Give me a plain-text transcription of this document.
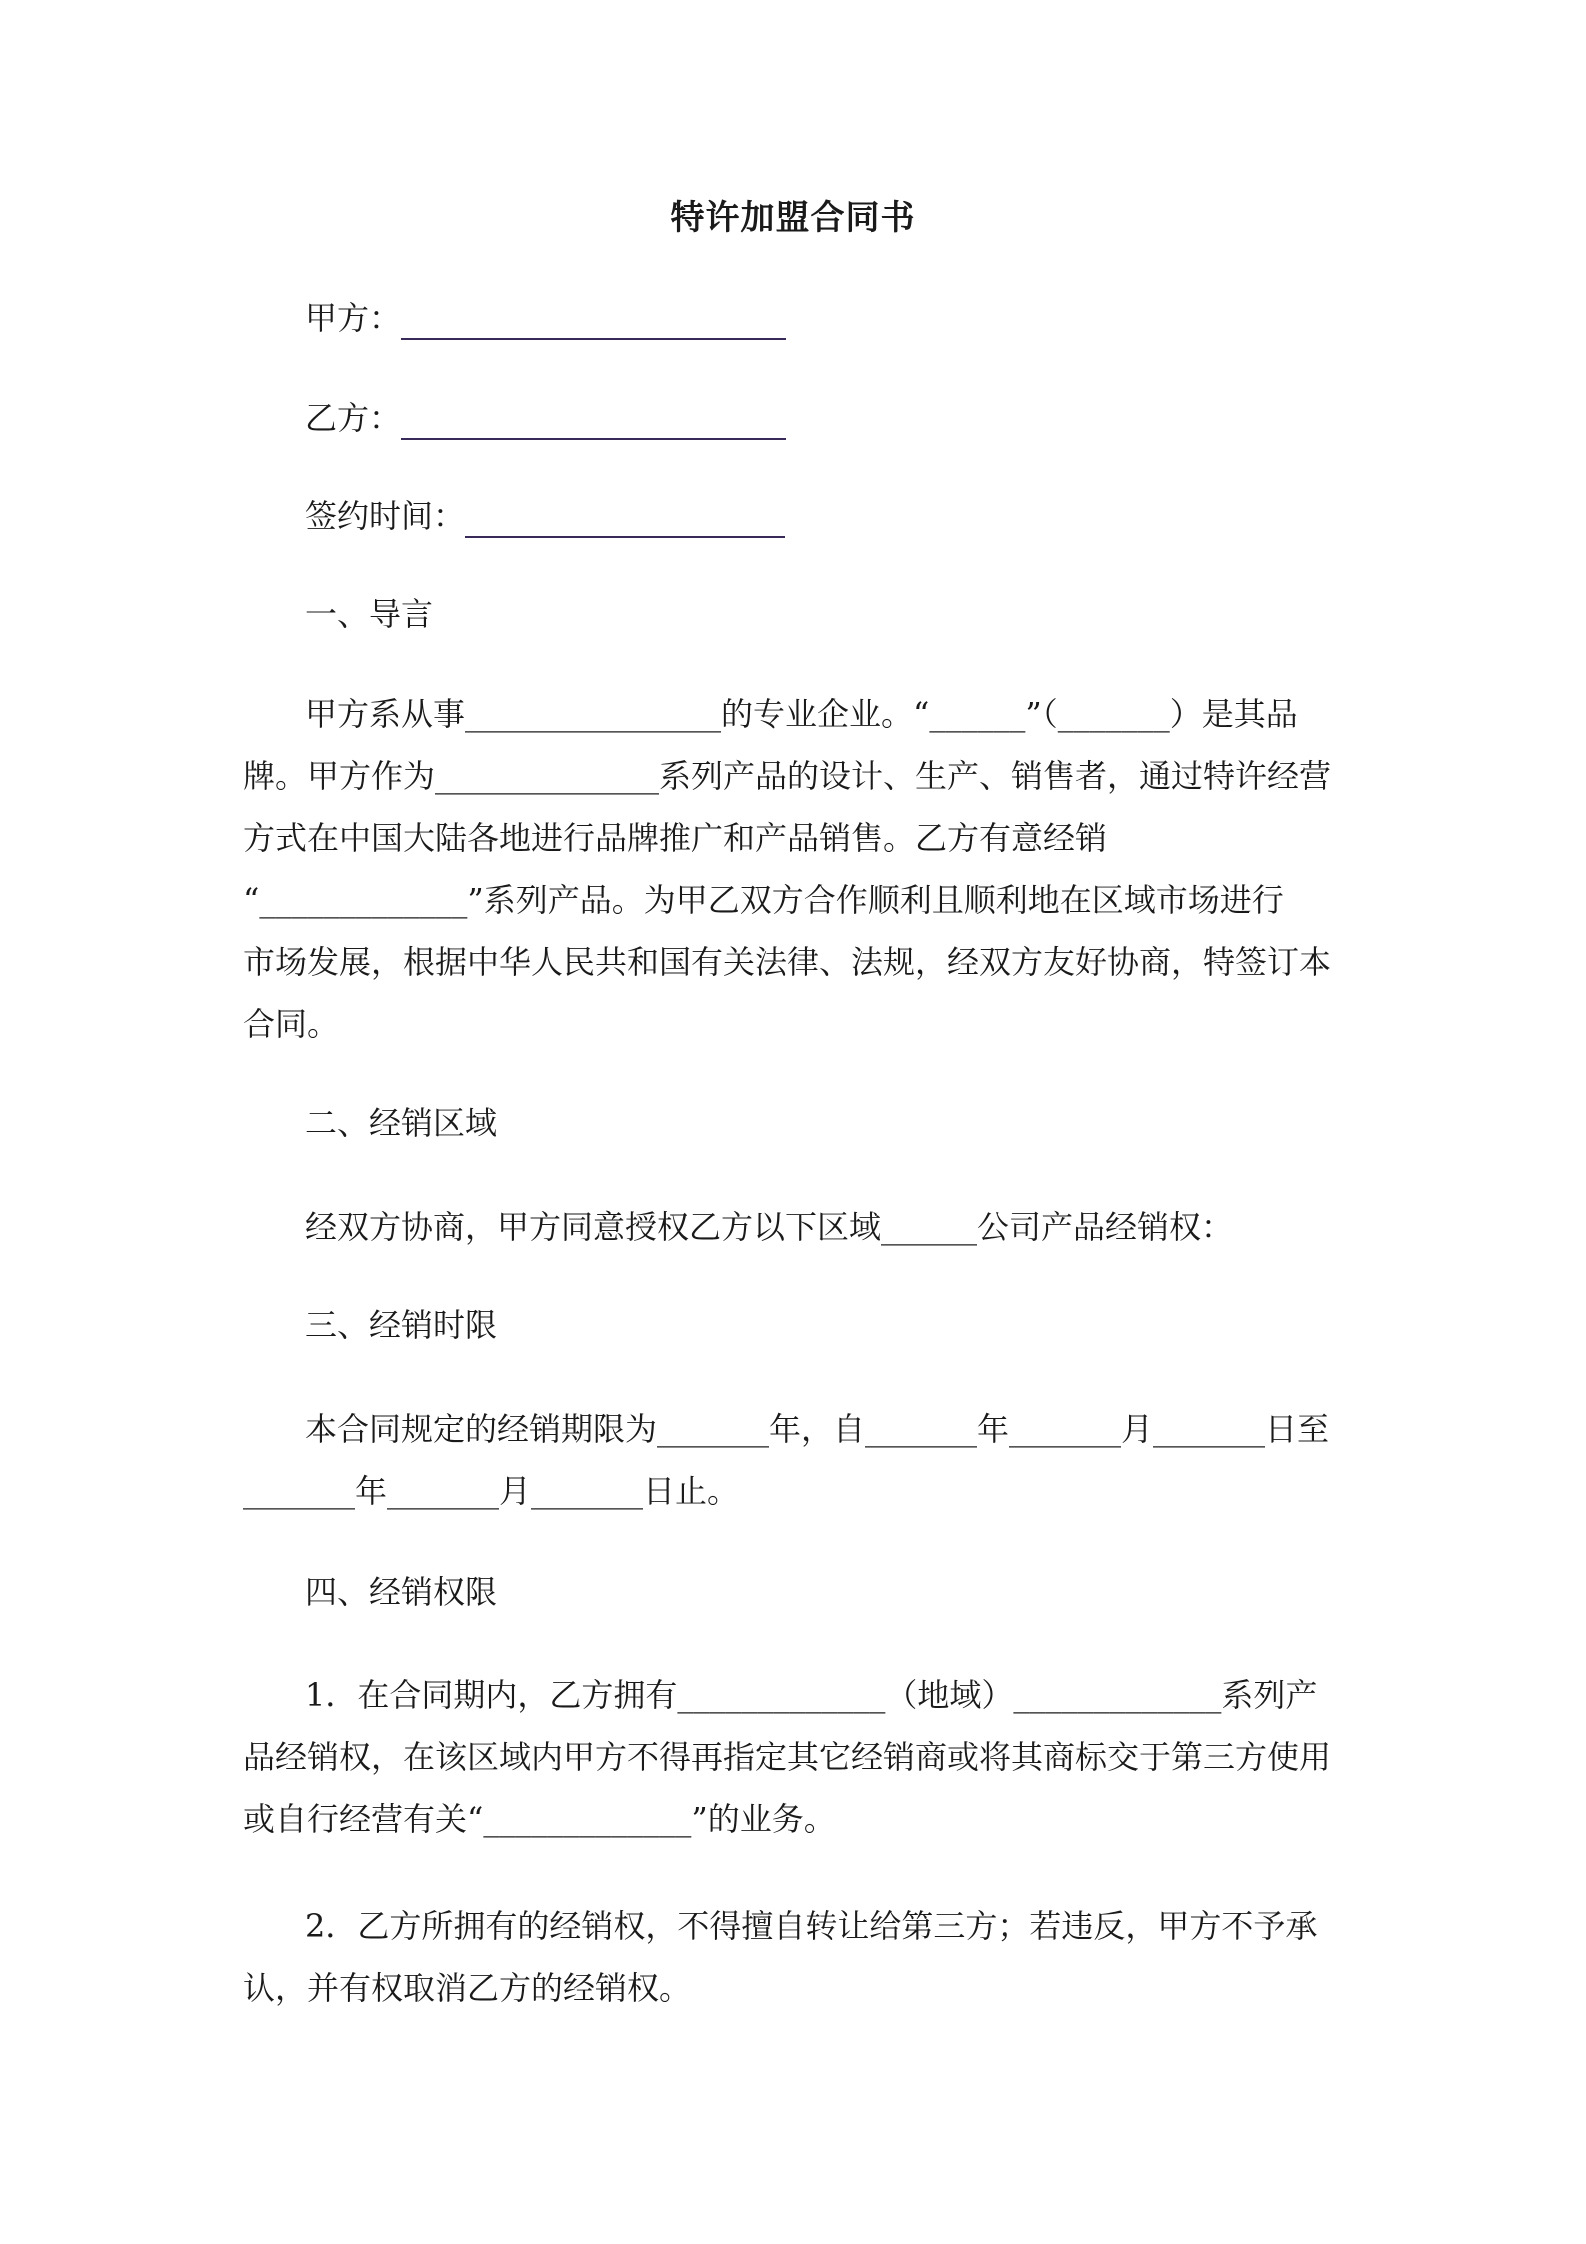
特许加盟合同书
甲方：
乙方：
签约时间：
一、导言
甲方系从事________________的专业企业。“______”（_______）是其品
牌。甲方作为______________系列产品的设计、生产、销售者，通过特许经营
方式在中国大陆各地进行品牌推广和产品销售。乙方有意经销
“_____________”系列产品。为甲乙双方合作顺利且顺利地在区域市场进行
市场发展，根据中华人民共和国有关法律、法规，经双方友好协商，特签订本
合同。
二、经销区域
经双方协商，甲方同意授权乙方以下区域______公司产品经销权：
三、经销时限
本合同规定的经销期限为_______年，自_______年_______月_______日至
_______年_______月_______日止。
四、经销权限
1．在合同期内，乙方拥有_____________（地域）_____________系列产
品经销权，在该区域内甲方不得再指定其它经销商或将其商标交于第三方使用
或自行经营有关“_____________”的业务。
2．乙方所拥有的经销权，不得擅自转让给第三方；若违反，甲方不予承
认，并有权取消乙方的经销权。
